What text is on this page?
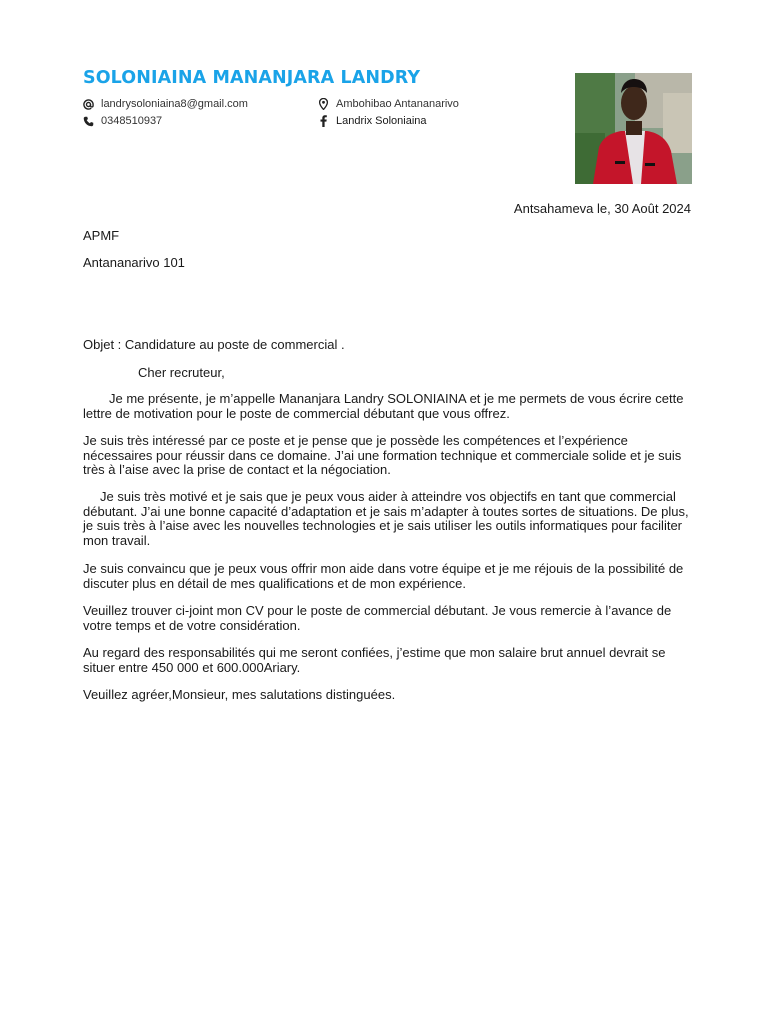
SOLONIAINA MANANJARA LANDRY
landrysoloniaina8@gmail.com
0348510937
Ambohibao Antananarivo
Landrix Soloniaina
Antsahameva le, 30 Août 2024
APMF
Antananarivo 101
Objet : Candidature au poste de commercial .
Cher recruteur,

Je me présente, je m’appelle Mananjara Landry SOLONIAINA et je me permets de vous écrire cette lettre de motivation pour le poste de commercial débutant que vous offrez.

Je suis très intéressé par ce poste et je pense que je possède les compétences et l’expérience nécessaires pour réussir dans ce domaine. J’ai une formation technique et commerciale solide et je suis très à l’aise avec la prise de contact et la négociation.

Je suis très motivé et je sais que je peux vous aider à atteindre vos objectifs en tant que commercial débutant. J’ai une bonne capacité d’adaptation et je sais m’adapter à toutes sortes de situations. De plus, je suis très à l’aise avec les nouvelles technologies et je sais utiliser les outils informatiques pour faciliter mon travail.

Je suis convaincu que je peux vous offrir mon aide dans votre équipe et je me réjouis de la possibilité de discuter plus en détail de mes qualifications et de mon expérience.

Veuillez trouver ci-joint mon CV pour le poste de commercial débutant. Je vous remercie à l’avance de votre temps et de votre considération.

Au regard des responsabilités qui me seront confiées, j’estime que mon salaire brut annuel devrait se situer entre 450 000 et 600.000Ariary.

Veuillez agréer,Monsieur, mes salutations distinguées.
